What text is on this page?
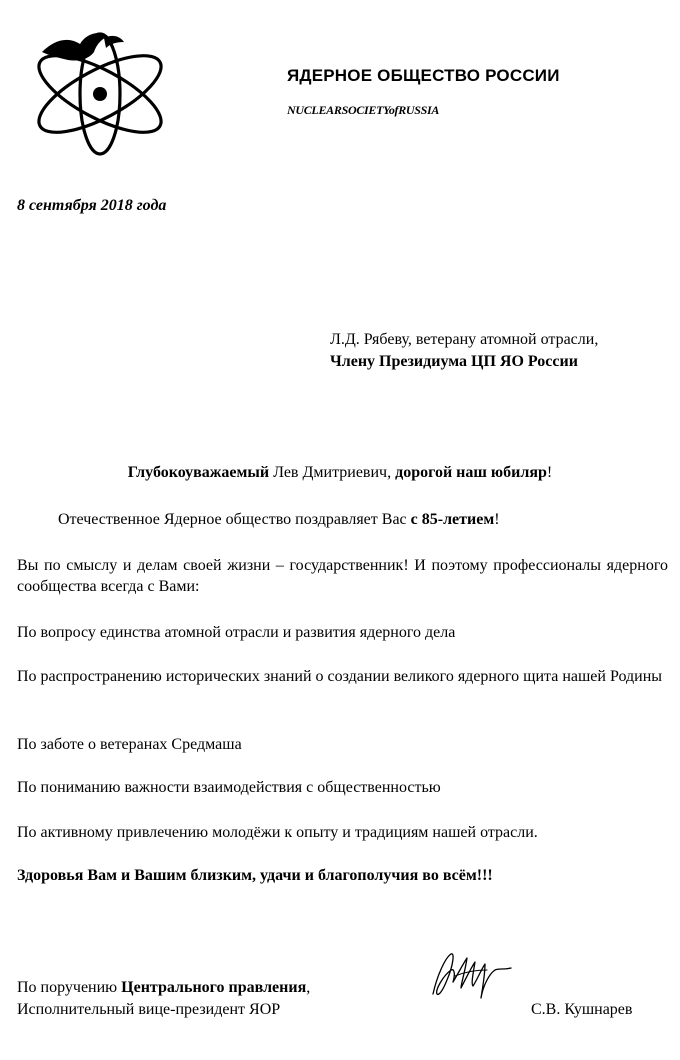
ЯДЕРНОЕ ОБЩЕСТВО РОССИИ
NUCLEARSOCIETYofRUSSIA
8 сентября 2018 года
Л.Д. Рябеву, ветерану атомной отрасли,
Члену Президиума ЦП ЯО России
Глубокоуважаемый Лев Дмитриевич, дорогой наш юбиляр!
Отечественное Ядерное общество поздравляет Вас с 85-летием!
Вы по смыслу и делам своей жизни – государственник! И поэтому профессионалы ядерного сообщества всегда с Вами:
По вопросу единства атомной отрасли и развития ядерного дела
По распространению исторических знаний о создании великого ядерного щита нашей Родины
По заботе о ветеранах Средмаша
По пониманию важности взаимодействия с общественностью
По активному привлечению молодёжи к опыту и традициям нашей отрасли.
Здоровья Вам и Вашим близким, удачи и благополучия во всём!!!
По поручению Центрального правления,
Исполнительный вице-президент ЯОР	С.В. Кушнарев
